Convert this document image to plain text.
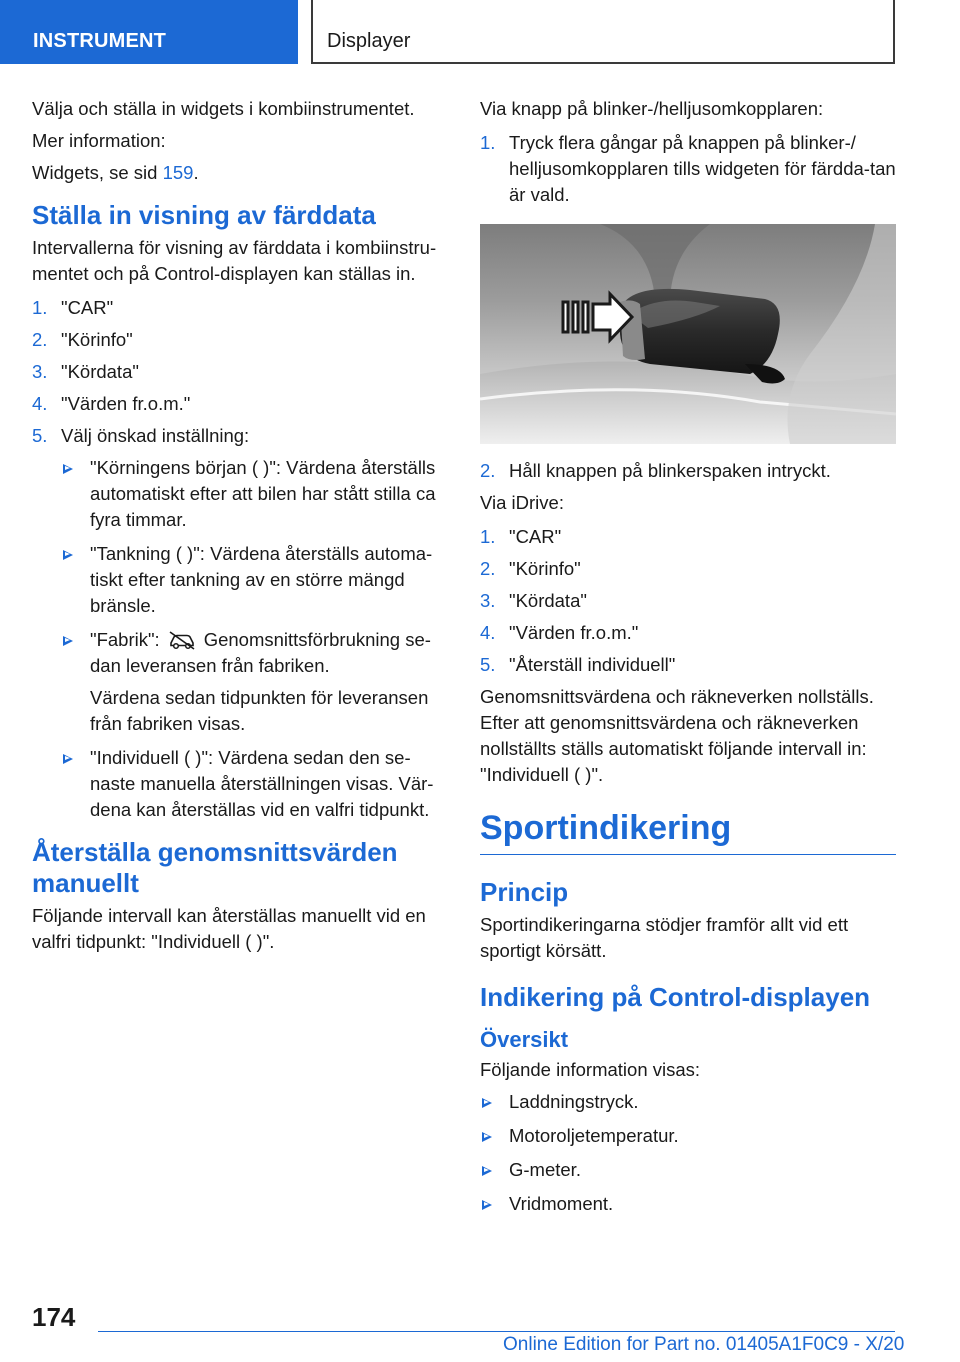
INSTRUMENT	Displayer

Välja och ställa in widgets i kombiinstrumentet.

Mer information:

Widgets, se sid 159.

Ställa in visning av färddata

Intervallerna för visning av färddata i kombiinstru-mentet och på Control-displayen kan ställas in.

1. "CAR"
2. "Körinfo"
3. "Kördata"
4. "Värden fr.o.m."
5. Välj önskad inställning:
"Körningens början ( )": Värdena återställs automatiskt efter att bilen har stått stilla ca fyra timmar.
"Tankning ( )": Värdena återställs automa-tiskt efter tankning av en större mängd bränsle.
"Fabrik": Genomsnittsförbrukning se-dan leveransen från fabriken.
Värdena sedan tidpunkten för leveransen från fabriken visas.
"Individuell ( )": Värdena sedan den se-naste manuella återställningen visas. Vär-dena kan återställas vid en valfri tidpunkt.
Återställa genomsnittsvärden manuellt

Följande intervall kan återställas manuellt vid en valfri tidpunkt: "Individuell ( )".

Via knapp på blinker-/helljusomkopplaren:

1. Tryck flera gångar på knappen på blinker-/ helljusomkopplaren tills widgeten för färdda-tan är vald.
2. Håll knappen på blinkerspaken intryckt.

Via iDrive:

1. "CAR"
2. "Körinfo"
3. "Kördata"
4. "Värden fr.o.m."
5. "Återställ individuell"

Genomsnittsvärdena och räkneverken nollställs. Efter att genomsnittsvärdena och räkneverken nollställts ställs automatiskt följande intervall in: "Individuell ( )".

Sportindikering
Princip

Sportindikeringarna stödjer framför allt vid ett sportigt körsätt.

Indikering på Control-displayen
Översikt

Följande information visas:

Laddningstryck.
Motoroljetemperatur.
G-meter.
Vridmoment.
174
Online Edition for Part no. 01405A1F0C9 - X/20
